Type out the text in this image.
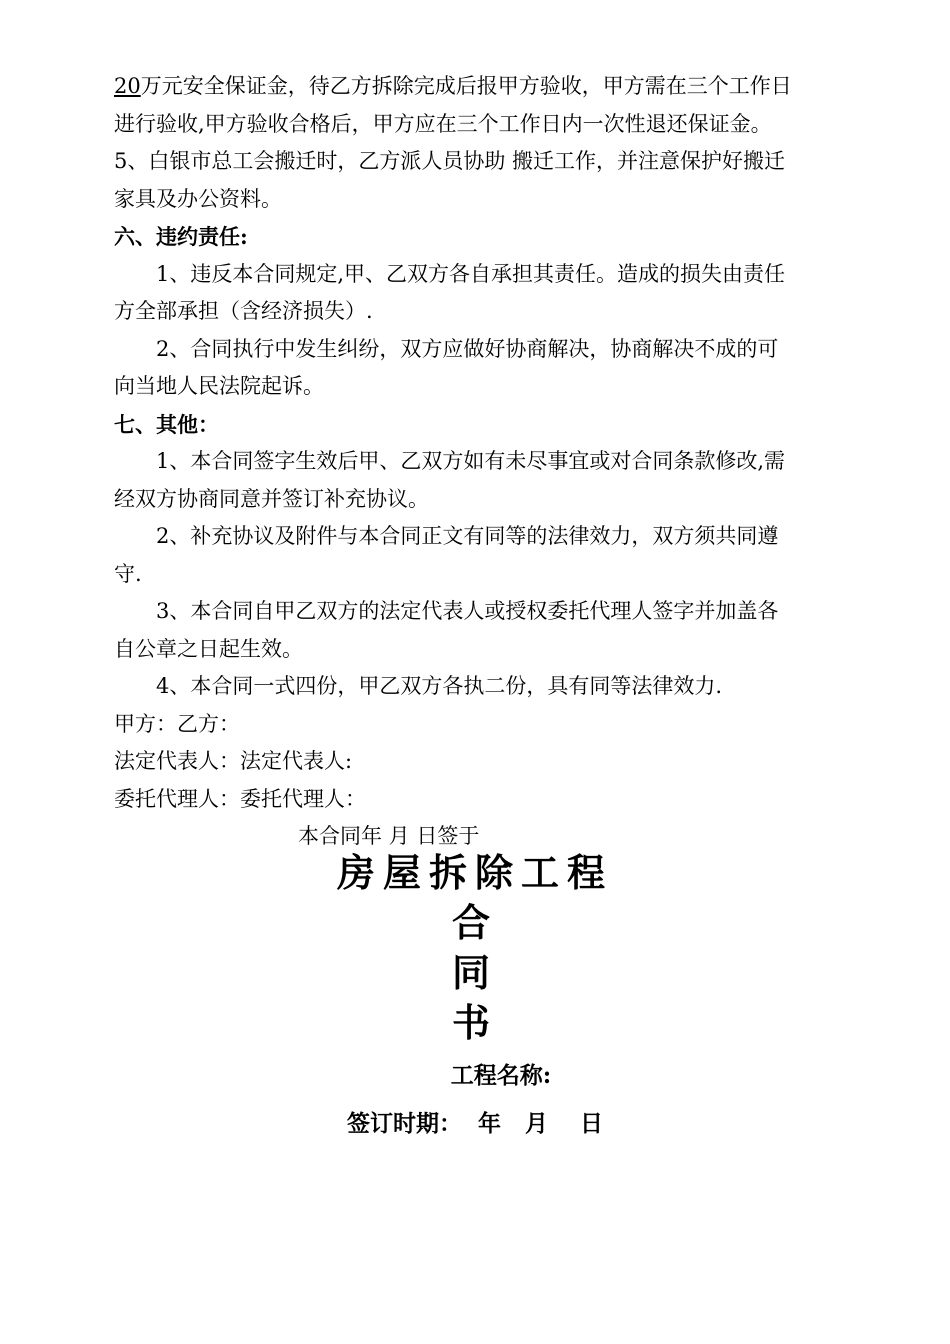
20万元安全保证金，待乙方拆除完成后报甲方验收，甲方需在三个工作日
进行验收,甲方验收合格后，甲方应在三个工作日内一次性退还保证金。
5、白银市总工会搬迁时，乙方派人员协助 搬迁工作，并注意保护好搬迁
家具及办公资料。
六、违约责任:
1、违反本合同规定,甲、乙双方各自承担其责任。造成的损失由责任
方全部承担（含经济损失）.
2、合同执行中发生纠纷，双方应做好协商解决，协商解决不成的可
向当地人民法院起诉。
七、其他：
1、本合同签字生效后甲、乙双方如有未尽事宜或对合同条款修改,需
经双方协商同意并签订补充协议。
2、补充协议及附件与本合同正文有同等的法律效力，双方须共同遵
守.
3、本合同自甲乙双方的法定代表人或授权委托代理人签字并加盖各
自公章之日起生效。
4、本合同一式四份，甲乙双方各执二份，具有同等法律效力.
甲方：乙方：
法定代表人：法定代表人:
委托代理人：委托代理人：
本合同年 月 日签于
房屋拆除工程
合
同
书
工程名称:
签订时期：  年   月    日
